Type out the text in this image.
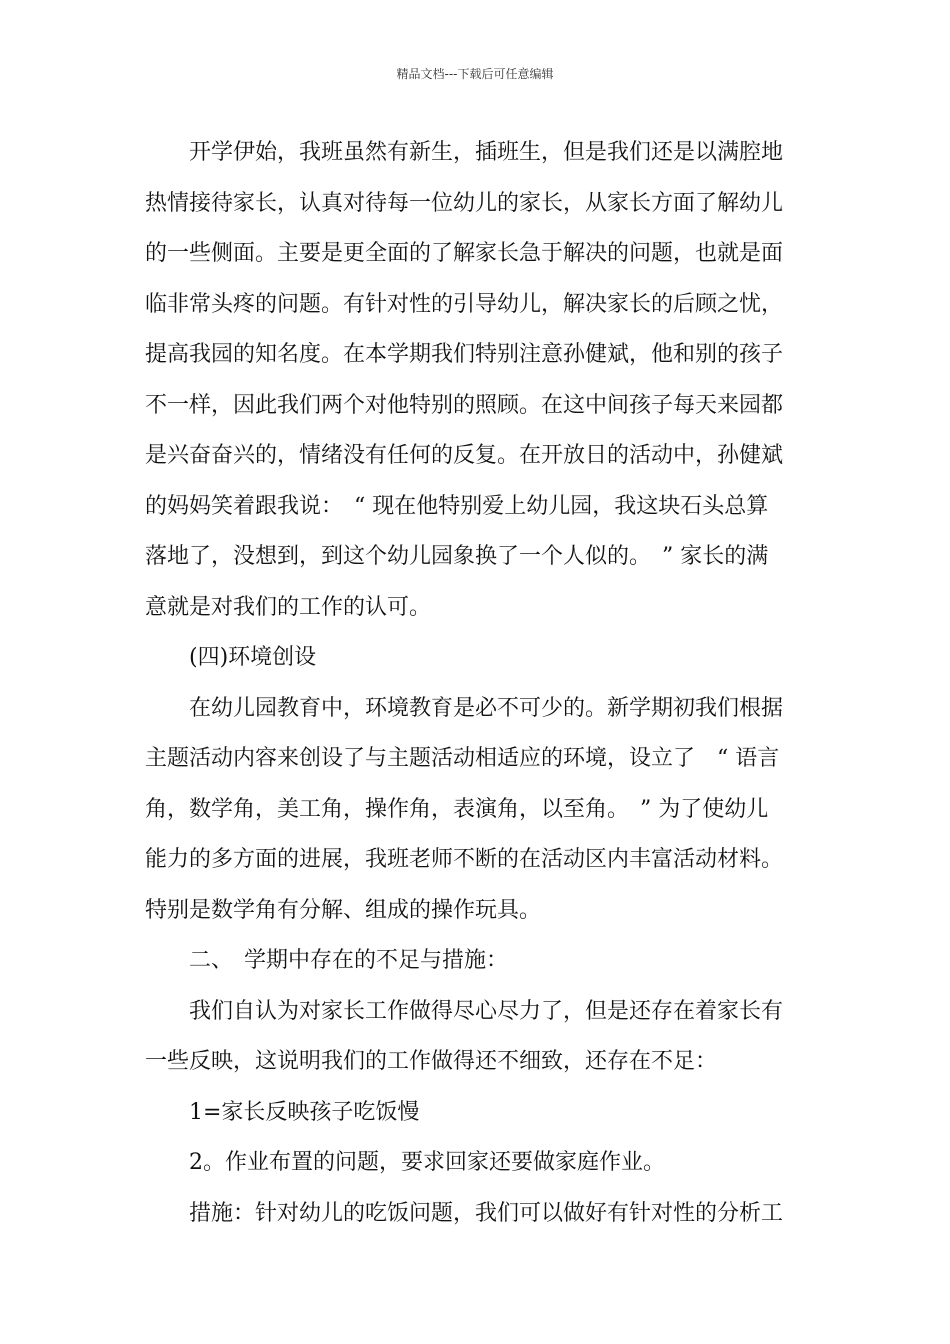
精品文档---下载后可任意编辑

　　开学伊始，我班虽然有新生，插班生，但是我们还是以满腔地
热情接待家长，认真对待每一位幼儿的家长，从家长方面了解幼儿
的一些侧面。主要是更全面的了解家长急于解决的问题，也就是面
临非常头疼的问题。有针对性的引导幼儿，解决家长的后顾之忧，
提高我园的知名度。在本学期我们特别注意孙健斌，他和别的孩子
不一样，因此我们两个对他特别的照顾。在这中间孩子每天来园都
是兴奋奋兴的，情绪没有任何的反复。在开放日的活动中，孙健斌
的妈妈笑着跟我说：　“ 现在他特别爱上幼儿园，我这块石头总算
落地了，没想到，到这个幼儿园象换了一个人似的。　” 家长的满
意就是对我们的工作的认可。

　　(四)环境创设

　　在幼儿园教育中，环境教育是必不可少的。新学期初我们根据
主题活动内容来创设了与主题活动相适应的环境，设立了　“ 语言
角，数学角，美工角，操作角，表演角，以至角。　” 为了使幼儿
能力的多方面的进展，我班老师不断的在活动区内丰富活动材料。
特别是数学角有分解、组成的操作玩具。

　　二、　学期中存在的不足与措施：

　　我们自认为对家长工作做得尽心尽力了，但是还存在着家长有
一些反映，这说明我们的工作做得还不细致，还存在不足：

　　1=家长反映孩子吃饭慢

　　2。作业布置的问题，要求回家还要做家庭作业。

　　措施：针对幼儿的吃饭问题，我们可以做好有针对性的分析工
